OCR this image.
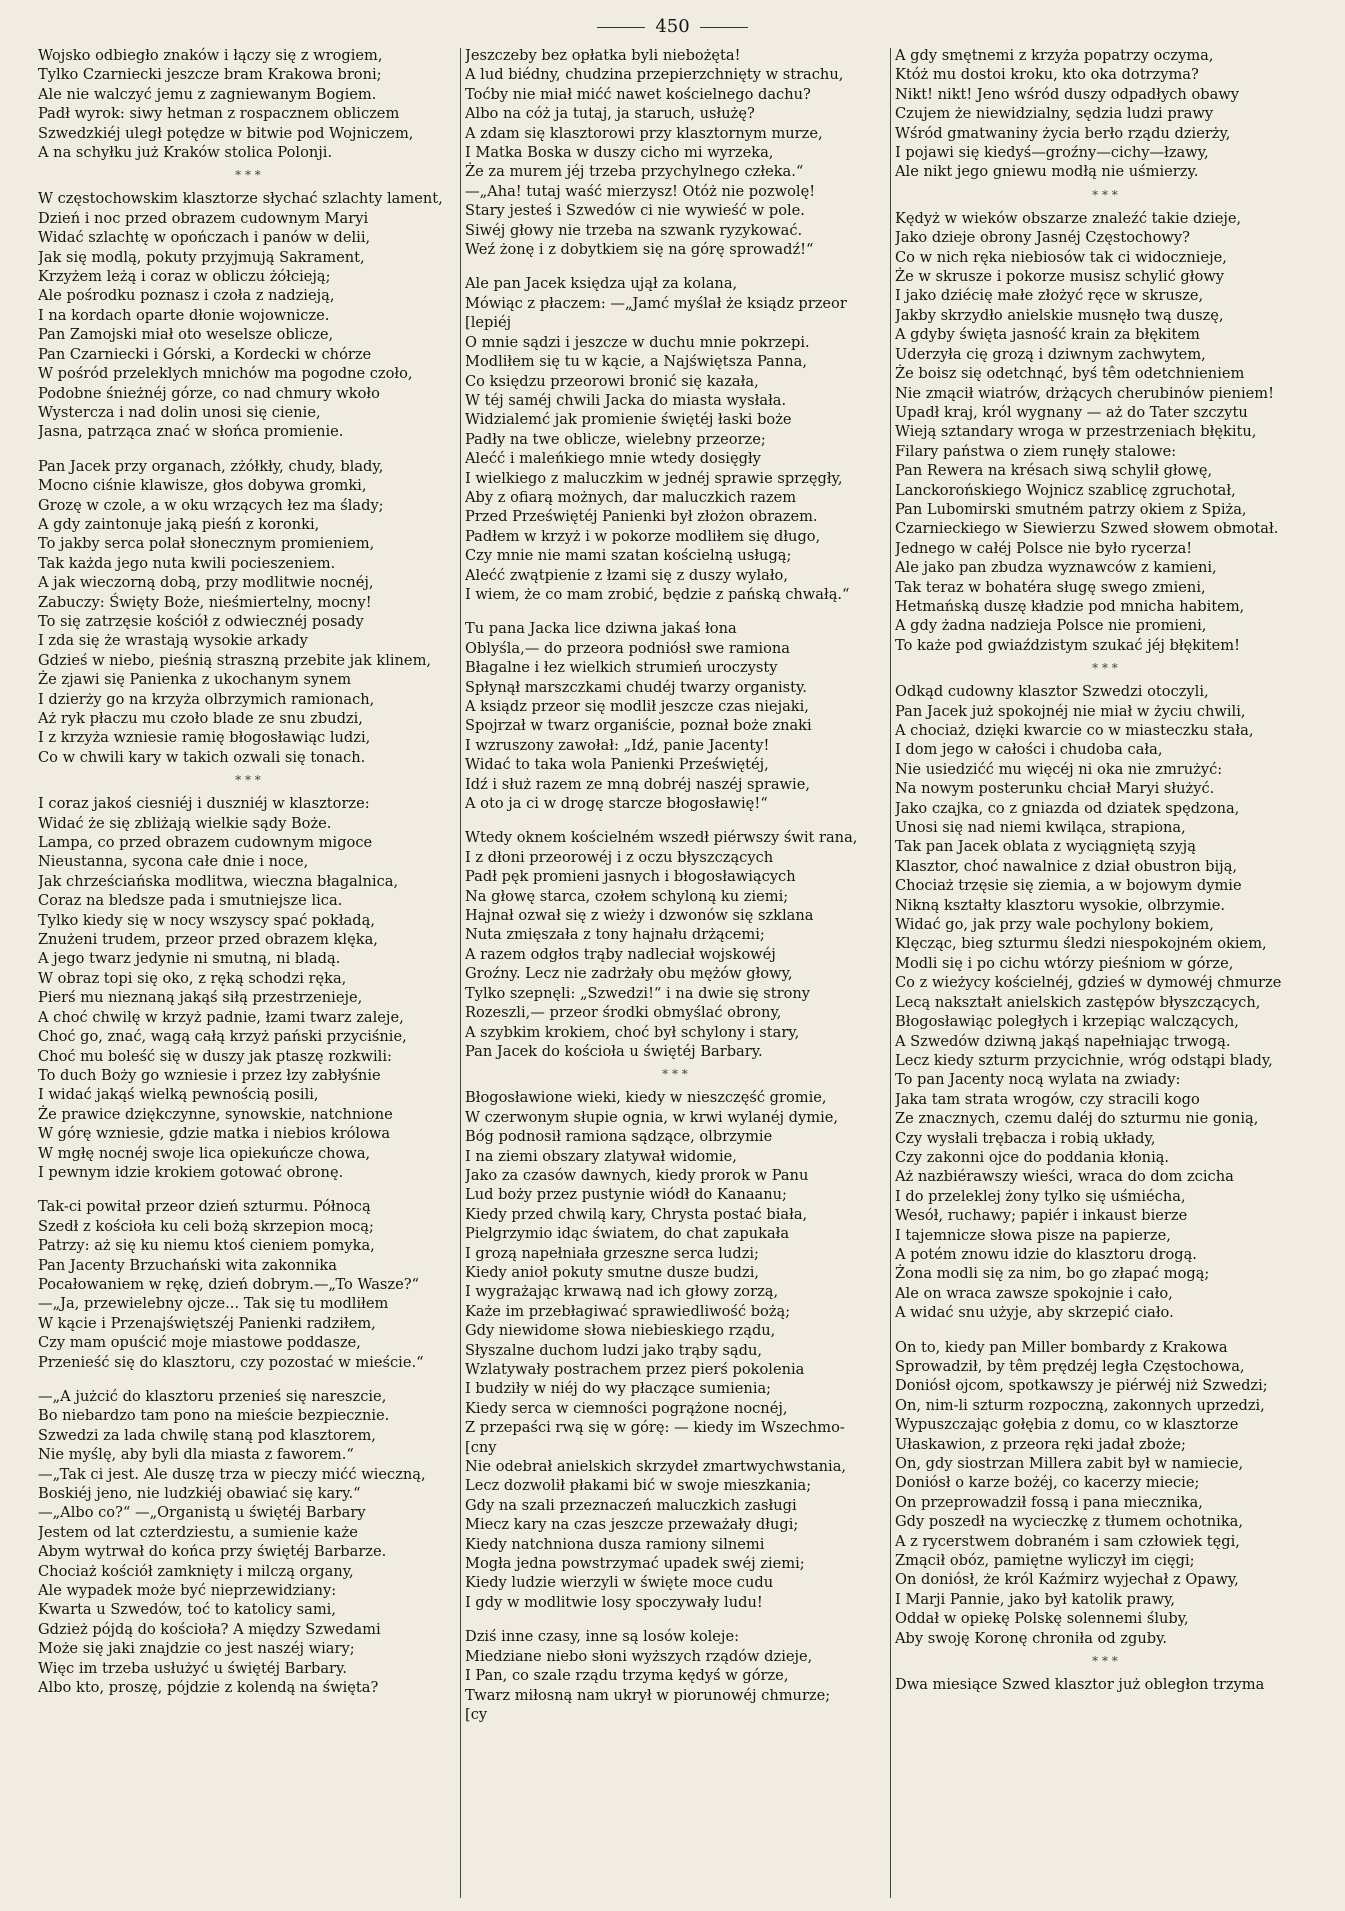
450
Wojsko odbiegło znaków i łączy się z wrogiem,
Tylko Czarniecki jeszcze bram Krakowa broni;
Ale nie walczyć jemu z zagniewanym Bogiem.
Padł wyrok: siwy hetman z rospacznem obliczem
Szwedzkiéj uległ potędze w bitwie pod Wojniczem,
A na schyłku już Kraków stolica Polonji.
* * *
W częstochowskim klasztorze słychać szlachty lament,
Dzień i noc przed obrazem cudownym Maryi
Widać szlachtę w opończach i panów w delii,
Jak się modlą, pokuty przyjmują Sakrament,
Krzyżem leżą i coraz w obliczu żółcieją;
Ale pośrodku poznasz i czoła z nadzieją,
I na kordach oparte dłonie wojownicze.
Pan Zamojski miał oto weselsze oblicze,
Pan Czarniecki i Górski, a Kordecki w chórze
W pośród przeleklych mnichów ma pogodne czoło,
Podobne śnieżnéj górze, co nad chmury wkoło
Wystercza i nad dolin unosi się cienie,
Jasna, patrząca znać w słońca promienie.
Pan Jacek przy organach, zżółkły, chudy, blady,
Mocno ciśnie klawisze, głos dobywa gromki,
Grozę w czole, a w oku wrzących łez ma ślady;
A gdy zaintonuje jaką pieśń z koronki,
To jakby serca polał słonecznym promieniem,
Tak każda jego nuta kwili pocieszeniem.
A jak wieczorną dobą, przy modlitwie nocnéj,
Zabuczy: Święty Boże, nieśmiertelny, mocny!
To się zatrzęsie kościół z odwiecznéj posady
I zda się że wrastają wysokie arkady
Gdzieś w niebo, pieśnią straszną przebite jak klinem,
Że zjawi się Panienka z ukochanym synem
I dzierży go na krzyża olbrzymich ramionach,
Aż ryk płaczu mu czoło blade ze snu zbudzi,
I z krzyża wzniesie ramię błogosławiąc ludzi,
Co w chwili kary w takich ozwali się tonach.
* * *
I coraz jakoś ciesniéj i duszniéj w klasztorze:
Widać że się zbliżają wielkie sądy Boże.
Lampa, co przed obrazem cudownym migoce
Nieustanna, sycona całe dnie i noce,
Jak chrześciańska modlitwa, wieczna błagalnica,
Coraz na bledsze pada i smutniejsze lica.
Tylko kiedy się w nocy wszyscy spać pokładą,
Znużeni trudem, przeor przed obrazem klęka,
A jego twarz jedynie ni smutną, ni bladą.
W obraz topi się oko, z ręką schodzi ręka,
Pierś mu nieznaną jakąś siłą przestrzenieje,
A choć chwilę w krzyż padnie, łzami twarz zaleje,
Choć go, znać, wagą całą krzyż pański przyciśnie,
Choć mu boleść się w duszy jak ptaszę rozkwili:
To duch Boży go wzniesie i przez łzy zabłyśnie
I widać jakąś wielką pewnością posili,
Że prawice dziękczynne, synowskie, natchnione
W górę wzniesie, gdzie matka i niebios królowa
W mgłę nocnéj swoje lica opiekuńcze chowa,
I pewnym idzie krokiem gotować obronę.
Tak-ci powitał przeor dzień szturmu. Północą
Szedł z kościoła ku celi bożą skrzepion mocą;
Patrzy: aż się ku niemu ktoś cieniem pomyka,
Pan Jacenty Brzuchański wita zakonnika
Pocałowaniem w rękę, dzień dobrym.—„To Wasze?“
—„Ja, przewielebny ojcze... Tak się tu modliłem
W kącie i Przenajświętszéj Panienki radziłem,
Czy mam opuścić moje miastowe poddasze,
Przenieść się do klasztoru, czy pozostać w mieście.“
—„A jużcić do klasztoru przenieś się nareszcie,
Bo niebardzo tam pono na mieście bezpiecznie.
Szwedzi za lada chwilę staną pod klasztorem,
Nie myślę, aby byli dla miasta z faworem.“
—„Tak ci jest. Ale duszę trza w pieczy mićć wieczną,
Boskiéj jeno, nie ludzkiéj obawiać się kary.“
—„Albo co?“ —„Organistą u świętéj Barbary
Jestem od lat czterdziestu, a sumienie każe
Abym wytrwał do końca przy świętéj Barbarze.
Chociaż kościół zamknięty i milczą organy,
Ale wypadek może być nieprzewidziany:
Kwarta u Szwedów, toć to katolicy sami,
Gdzież pójdą do kościoła? A między Szwedami
Może się jaki znajdzie co jest naszéj wiary;
Więc im trzeba usłużyć u świętéj Barbary.
Albo kto, proszę, pójdzie z kolendą na święta?
Jeszczeby bez opłatka byli niebożęta!
A lud biédny, chudzina przepierzchnięty w strachu,
Toćby nie miał mićć nawet kościelnego dachu?
Albo na cóż ja tutaj, ja staruch, usłużę?
A zdam się klasztorowi przy klasztornym murze,
I Matka Boska w duszy cicho mi wyrzeka,
Że za murem jéj trzeba przychylnego człeka.“
—„Aha! tutaj waść mierzysz! Otóż nie pozwolę!
Stary jesteś i Szwedów ci nie wywieść w pole.
Siwéj głowy nie trzeba na szwank ryzykować.
Weź żonę i z dobytkiem się na górę sprowadź!“
Ale pan Jacek księdza ujął za kolana,
Mówiąc z płaczem: —„Jamć myślał że ksiądz przeor
[lepiéj
O mnie sądzi i jeszcze w duchu mnie pokrzepi.
Modliłem się tu w kącie, a Najświętsza Panna,
Co księdzu przeorowi bronić się kazała,
W téj saméj chwili Jacka do miasta wysłała.
Widzialemć jak promienie świętéj łaski boże
Padły na twe oblicze, wielebny przeorze;
Alećć i maleńkiego mnie wtedy dosięgły
I wielkiego z maluczkim w jednéj sprawie sprzęgły,
Aby z ofiarą możnych, dar maluczkich razem
Przed Przeświętéj Panienki był złożon obrazem.
Padłem w krzyż i w pokorze modliłem się długo,
Czy mnie nie mami szatan kościelną usługą;
Alećć zwątpienie z łzami się z duszy wylało,
I wiem, że co mam zrobić, będzie z pańską chwałą.“
Tu pana Jacka lice dziwna jakaś łona
Oblyśla,— do przeora podniósł swe ramiona
Błagalne i łez wielkich strumień uroczysty
Spłynął marszczkami chudéj twarzy organisty.
A ksiądz przeor się modlił jeszcze czas niejaki,
Spojrzał w twarz organiście, poznał boże znaki
I wzruszony zawołał: „Idź, panie Jacenty!
Widać to taka wola Panienki Przeświętéj,
Idź i służ razem ze mną dobréj naszéj sprawie,
A oto ja ci w drogę starcze błogosławię!“
Wtedy oknem kościelném wszedł piérwszy świt rana,
I z dłoni przeorowéj i z oczu błyszczących
Padł pęk promieni jasnych i błogosławiących
Na głowę starca, czołem schyloną ku ziemi;
Hajnał ozwał się z wieży i dzwonów się szklana
Nuta zmięszała z tony hajnału drżącemi;
A razem odgłos trąby nadleciał wojskowéj
Groźny. Lecz nie zadrżały obu mężów głowy,
Tylko szepnęli: „Szwedzi!“ i na dwie się strony
Rozeszli,— przeor środki obmyślać obrony,
A szybkim krokiem, choć był schylony i stary,
Pan Jacek do kościoła u świętéj Barbary.
* * *
Błogosławione wieki, kiedy w nieszczęść gromie,
W czerwonym słupie ognia, w krwi wylanéj dymie,
Bóg podnosił ramiona sądzące, olbrzymie
I na ziemi obszary zlatywał widomie,
Jako za czasów dawnych, kiedy prorok w Panu
Lud boży przez pustynie wiódł do Kanaanu;
Kiedy przed chwilą kary, Chrysta postać biała,
Pielgrzymio idąc światem, do chat zapukała
I grozą napełniała grzeszne serca ludzi;
Kiedy anioł pokuty smutne dusze budzi,
I wygrażając krwawą nad ich głowy zorzą,
Każe im przebłagiwać sprawiedliwość bożą;
Gdy niewidome słowa niebieskiego rządu,
Słyszalne duchom ludzi jako trąby sądu,
Wzlatywały postrachem przez pierś pokolenia
I budziły w niéj do wy płaczące sumienia;
Kiedy serca w ciemności pogrążone nocnéj,
Z przepaści rwą się w górę: — kiedy im Wszechmo-
[cny
Nie odebrał anielskich skrzydeł zmartwychwstania,
Lecz dozwolił płakami bić w swoje mieszkania;
Gdy na szali przeznaczeń maluczkich zasługi
Miecz kary na czas jeszcze przeważały długi;
Kiedy natchniona dusza ramiony silnemi
Mogła jedna powstrzymać upadek swéj ziemi;
Kiedy ludzie wierzyli w święte moce cudu
I gdy w modlitwie losy spoczywały ludu!
Dziś inne czasy, inne są losów koleje:
Miedziane niebo słoni wyższych rządów dzieje,
I Pan, co szale rządu trzyma kędyś w górze,
Twarz miłosną nam ukrył w piorunowéj chmurze;
[cy
A gdy smętnemi z krzyża popatrzy oczyma,
Któż mu dostoi kroku, kto oka dotrzyma?
Nikt! nikt! Jeno wśród duszy odpadłych obawy
Czujem że niewidzialny, sędzia ludzi prawy
Wśród gmatwaniny życia berło rządu dzierży,
I pojawi się kiedyś—groźny—cichy—łzawy,
Ale nikt jego gniewu modłą nie uśmierzy.
* * *
Kędyż w wieków obszarze znaleźć takie dzieje,
Jako dzieje obrony Jasnéj Częstochowy?
Co w nich ręka niebiosów tak ci widocznieje,
Że w skrusze i pokorze musisz schylić głowy
I jako dziécię małe złożyć ręce w skrusze,
Jakby skrzydło anielskie musnęło twą duszę,
A gdyby święta jasność krain za błękitem
Uderzyła cię grozą i dziwnym zachwytem,
Że boisz się odetchnąć, byś têm odetchnieniem
Nie zmącił wiatrów, drżących cherubinów pieniem!
Upadł kraj, król wygnany — aż do Tater szczytu
Wieją sztandary wroga w przestrzeniach błękitu,
Filary państwa o ziem runęły stalowe:
Pan Rewera na krésach siwą schylił głowę,
Lanckorońskiego Wojnicz szablicę zgruchotał,
Pan Lubomirski smutném patrzy okiem z Spiża,
Czarnieckiego w Siewierzu Szwed słowem obmotał.
Jednego w całéj Polsce nie było rycerza!
Ale jako pan zbudza wyznawców z kamieni,
Tak teraz w bohatéra sługę swego zmieni,
Hetmańską duszę kładzie pod mnicha habitem,
A gdy żadna nadzieja Polsce nie promieni,
To każe pod gwiaździstym szukać jéj błękitem!
* * *
Odkąd cudowny klasztor Szwedzi otoczyli,
Pan Jacek już spokojnéj nie miał w życiu chwili,
A chociaż, dzięki kwarcie co w miasteczku stała,
I dom jego w całości i chudoba cała,
Nie usiedzićć mu więcéj ni oka nie zmrużyć:
Na nowym posterunku chciał Maryi służyć.
Jako czajka, co z gniazda od dziatek spędzona,
Unosi się nad niemi kwiląca, strapiona,
Tak pan Jacek oblata z wyciągniętą szyją
Klasztor, choć nawalnice z dział obustron biją,
Chociaż trzęsie się ziemia, a w bojowym dymie
Nikną kształty klasztoru wysokie, olbrzymie.
Widać go, jak przy wale pochylony bokiem,
Klęcząc, bieg szturmu śledzi niespokojném okiem,
Modli się i po cichu wtórzy pieśniom w górze,
Co z wieżycy kościelnéj, gdzieś w dymowéj chmurze
Lecą nakształt anielskich zastępów błyszczących,
Błogosławiąc poległych i krzepiąc walczących,
A Szwedów dziwną jakąś napełniając trwogą.
Lecz kiedy szturm przycichnie, wróg odstąpi blady,
To pan Jacenty nocą wylata na zwiady:
Jaka tam strata wrogów, czy stracili kogo
Ze znacznych, czemu daléj do szturmu nie gonią,
Czy wysłali trębacza i robią układy,
Czy zakonni ojce do poddania kłonią.
Aż nazbiérawszy wieści, wraca do dom zcicha
I do przeleklej żony tylko się uśmiécha,
Wesół, ruchawy; papiér i inkaust bierze
I tajemnicze słowa pisze na papierze,
A potém znowu idzie do klasztoru drogą.
Żona modli się za nim, bo go złapać mogą;
Ale on wraca zawsze spokojnie i cało,
A widać snu użyje, aby skrzepić ciało.
On to, kiedy pan Miller bombardy z Krakowa
Sprowadził, by têm prędzéj legła Częstochowa,
Doniósł ojcom, spotkawszy je piérwéj niż Szwedzi;
On, nim-li szturm rozpoczną, zakonnych uprzedzi,
Wypuszczając gołębia z domu, co w klasztorze
Ułaskawion, z przeora ręki jadał zboże;
On, gdy siostrzan Millera zabit był w namiecie,
Doniósł o karze bożéj, co kacerzy miecie;
On przeprowadził fossą i pana miecznika,
Gdy poszedł na wycieczkę z tłumem ochotnika,
A z rycerstwem dobraném i sam człowiek tęgi,
Zmącił obóz, pamiętne wyliczył im cięgi;
On doniósł, że król Kaźmirz wyjechał z Opawy,
I Marji Pannie, jako był katolik prawy,
Oddał w opiekę Polskę solennemi śluby,
Aby swoję Koronę chroniła od zguby.
* * *
Dwa miesiące Szwed klasztor już obległon trzyma
